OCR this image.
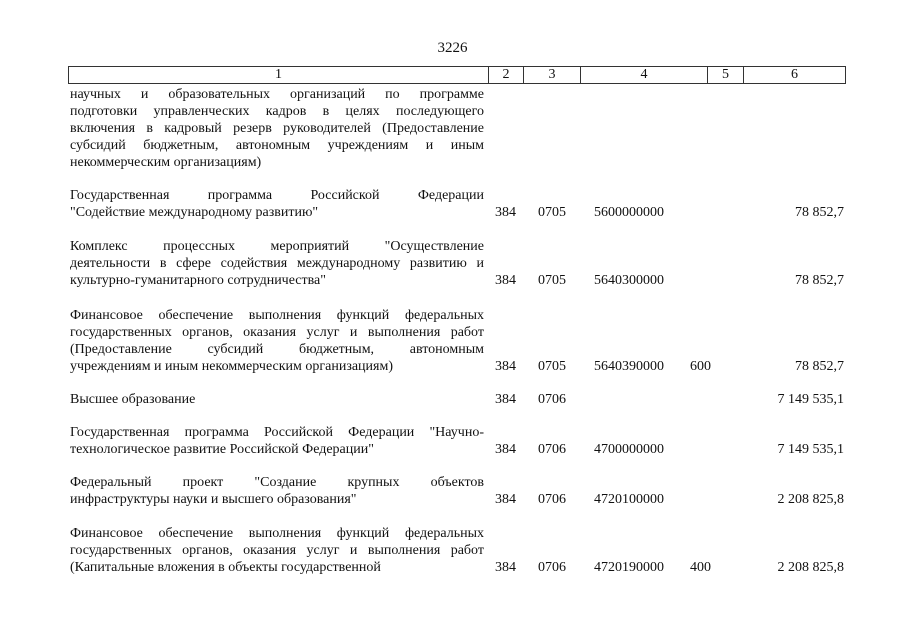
3226
1	2	3	4	5	6
научных и образовательных организаций по программе
подготовки управленческих кадров в целях последующего
включения в кадровый резерв руководителей (Предоставление
субсидий бюджетным, автономным учреждениям и иным
некоммерческим организациям)
Государственная программа Российской Федерации
"Содействие международному развитию"	384 0705 5600000000	78 852,7
Комплекс процессных мероприятий "Осуществление
деятельности в сфере содействия международному развитию и
культурно-гуманитарного сотрудничества"	384 0705 5640300000	78 852,7
Финансовое обеспечение выполнения функций федеральных
государственных органов, оказания услуг и выполнения работ
(Предоставление субсидий бюджетным, автономным
учреждениям и иным некоммерческим организациям)	384 0705 5640390000 600	78 852,7
Высшее образование	384 0706	7 149 535,1
Государственная программа Российской Федерации "Научно-
технологическое развитие Российской Федерации"	384 0706 4700000000	7 149 535,1
Федеральный проект "Создание крупных объектов
инфраструктуры науки и высшего образования"	384 0706 4720100000	2 208 825,8
Финансовое обеспечение выполнения функций федеральных
государственных органов, оказания услуг и выполнения работ
(Капитальные вложения в объекты государственной	384 0706 4720190000 400	2 208 825,8
